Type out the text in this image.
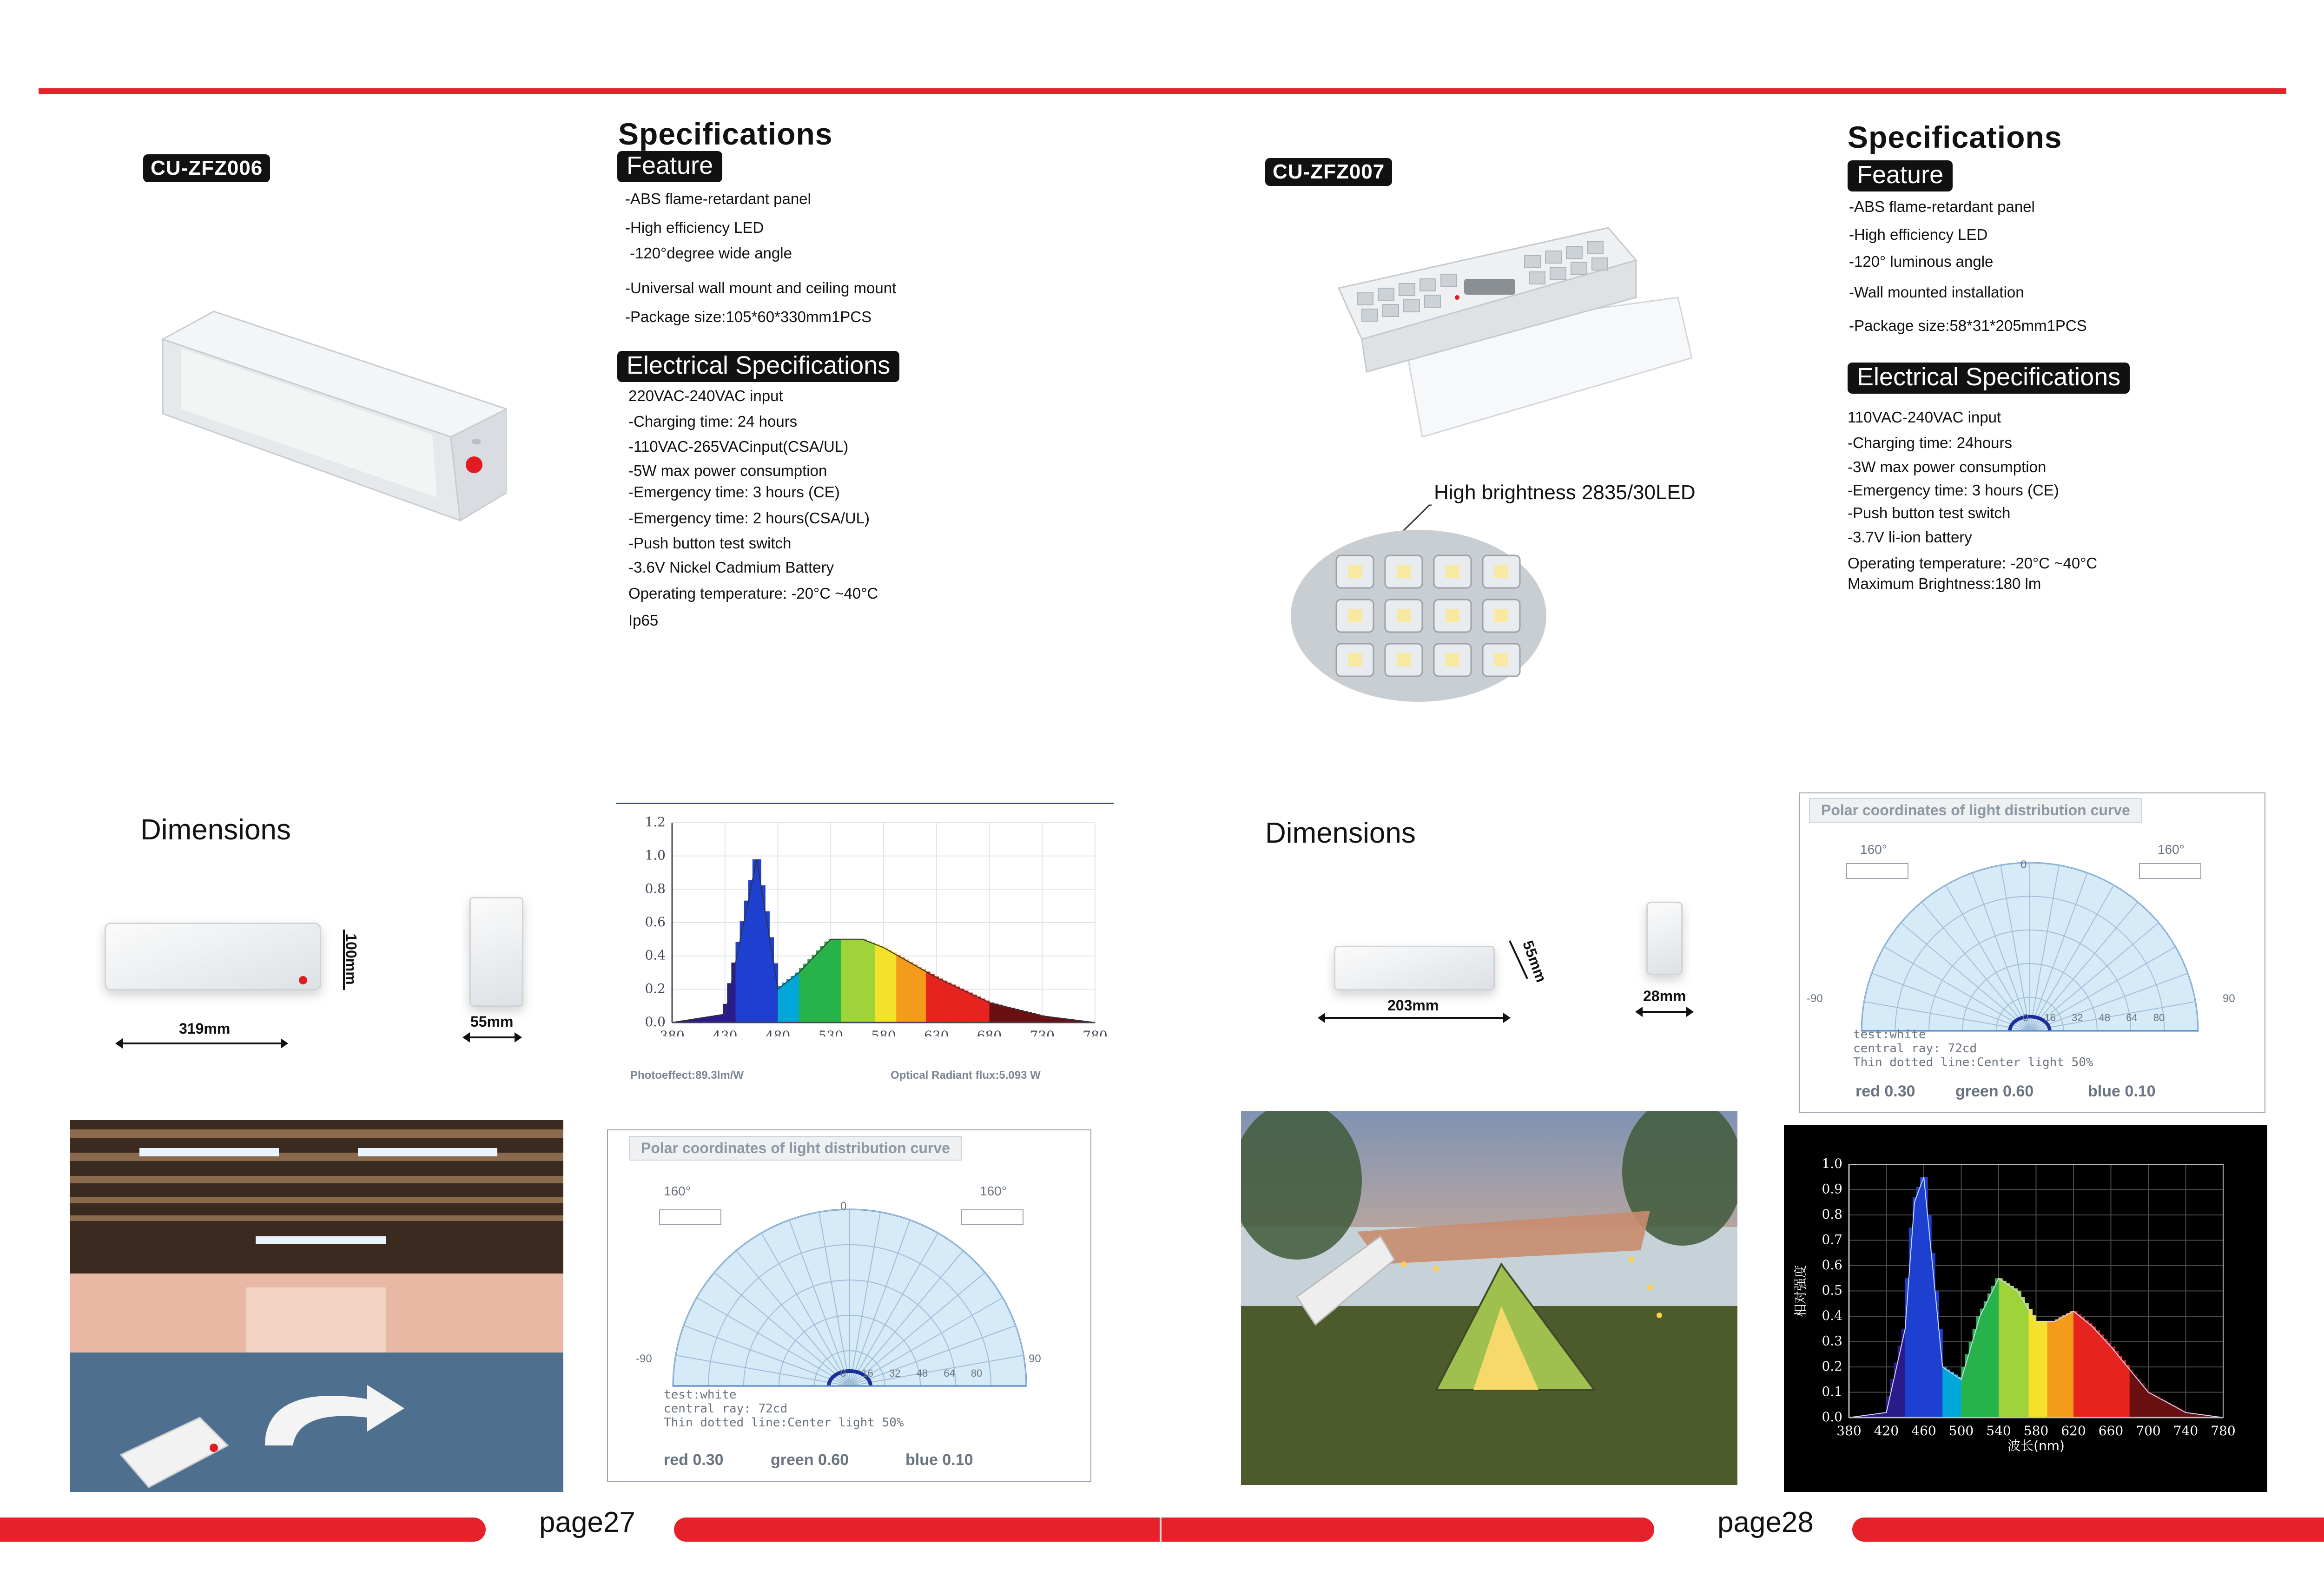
CU-ZFZ006
Specifications
Feature
-ABS flame-retardant panel
-High efficiency LED
-120°degree wide angle
-Universal wall mount and ceiling mount
-Package size:105*60*330mm1PCS
Electrical Specifications
220VAC-240VAC input
-Charging time: 24 hours
-110VAC-265VACinput(CSA/UL)
-5W max power consumption
-Emergency time: 3 hours (CE)
-Emergency time: 2 hours(CSA/UL)
-Push button test switch
-3.6V Nickel Cadmium Battery
Operating temperature: -20°C ~40°C
Ip65
Dimensions
100mm
319mm	55mm
1.2
1.0
0.8
0.6
0.4
0.2
0.0
380 430 480 530 580 630 680 730 780
Photoeffect:89.3lm/W	Optical Radiant flux:5.093 W
Polar coordinates of light distribution curve
160°	160°
0
-90	90
0 16 32 48 64 80
test:white
central ray: 72cd
Thin dotted line:Center light 50%
red 0.30	green 0.60	blue 0.10
CU-ZFZ007
Specifications
Feature
-ABS flame-retardant panel
-High efficiency LED
-120° luminous angle
-Wall mounted installation
-Package size:58*31*205mm1PCS
Electrical Specifications
110VAC-240VAC input
-Charging time: 24hours
-3W max power consumption
-Emergency time: 3 hours (CE)
-Push button test switch
-3.7V li-ion battery
Operating temperature: -20°C ~40°C
Maximum Brightness:180 lm
High brightness 2835/30LED
Dimensions
203mm
55mm
28mm
Polar coordinates of light distribution curve
160°	160°
0
-90	90
0 16 32 48 64 80
test:white
central ray: 72cd
Thin dotted line:Center light 50%
red 0.30	green 0.60	blue 0.10
1.0
0.9
0.8
0.7
0.6
0.5
0.4
0.3
0.2
0.1
0.0
380 420 460 500 540 580 620 660 700 740 780
波长(nm)
相对强度
page27	page28
